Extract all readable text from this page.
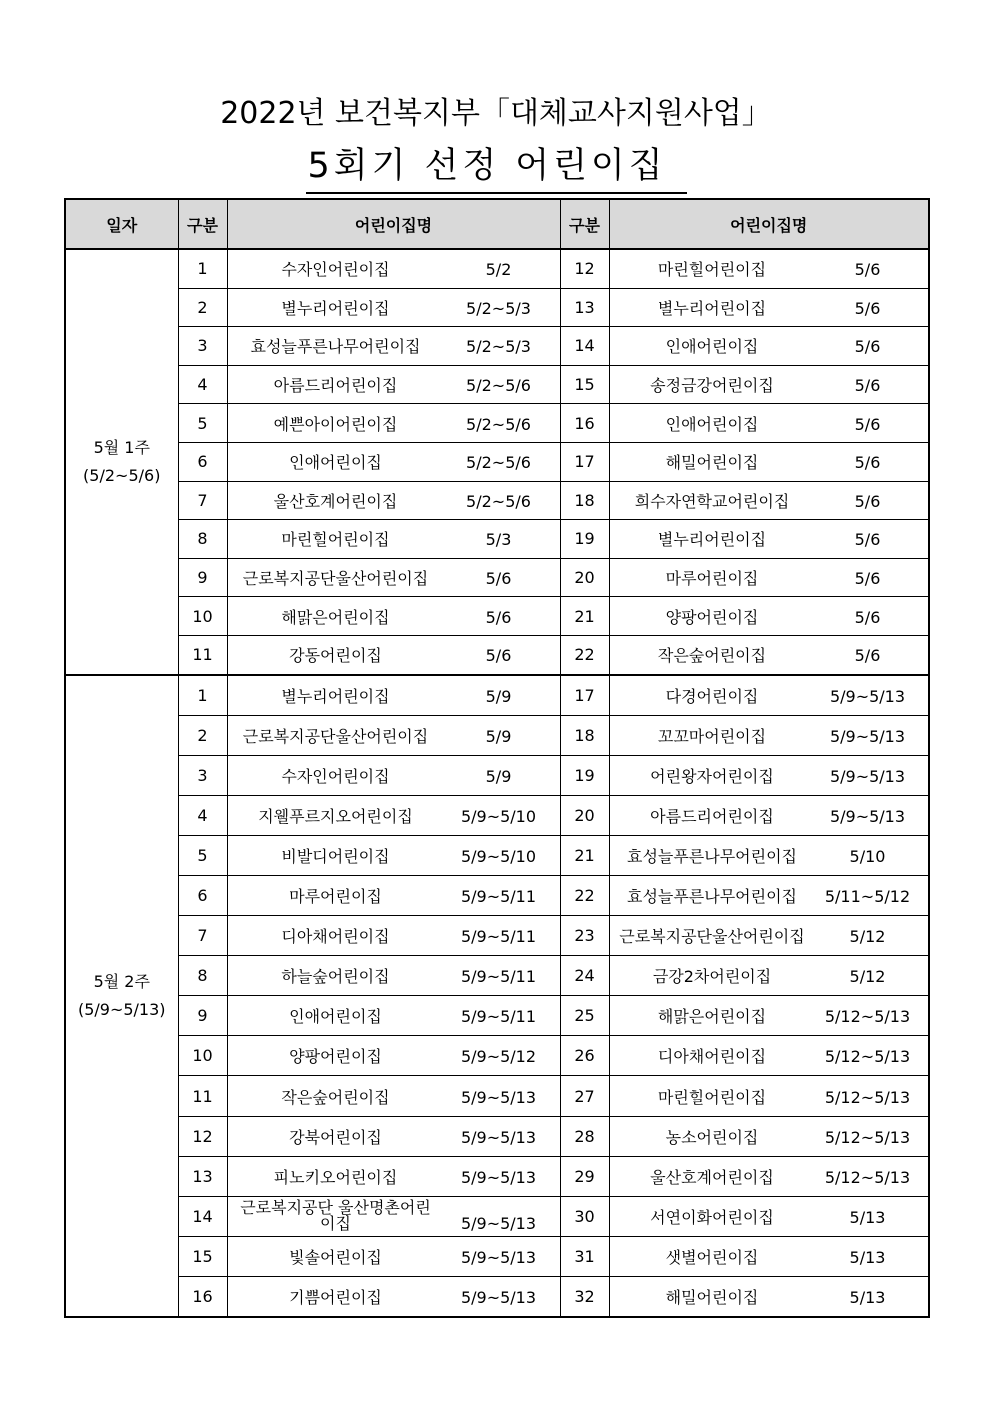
2022년 보건복지부「대체교사지원사업」
5회기 선정 어린이집
일자	구분	어린이집명	구분	어린이집명

5월 1주
(5/2~5/6)	1	수자인어린이집 5/2	12	마린힐어린이집 5/6
	2	별누리어린이집 5/2~5/3	13	별누리어린이집 5/6
	3	효성늘푸른나무어린이집 5/2~5/3	14	인애어린이집 5/6
	4	아름드리어린이집 5/2~5/6	15	송정금강어린이집 5/6
	5	예쁜아이어린이집 5/2~5/6	16	인애어린이집 5/6
	6	인애어린이집 5/2~5/6	17	해밀어린이집 5/6
	7	울산호계어린이집 5/2~5/6	18	희수자연학교어린이집 5/6
	8	마린힐어린이집 5/3	19	별누리어린이집 5/6
	9	근로복지공단울산어린이집 5/6	20	마루어린이집 5/6
	10	해맑은어린이집 5/6	21	양팡어린이집 5/6
	11	강동어린이집 5/6	22	작은숲어린이집 5/6

5월 2주
(5/9~5/13)	1	별누리어린이집 5/9	17	다경어린이집 5/9~5/13
	2	근로복지공단울산어린이집 5/9	18	꼬꼬마어린이집 5/9~5/13
	3	수자인어린이집 5/9	19	어린왕자어린이집 5/9~5/13
	4	지웰푸르지오어린이집 5/9~5/10	20	아름드리어린이집 5/9~5/13
	5	비발디어린이집 5/9~5/10	21	효성늘푸른나무어린이집 5/10
	6	마루어린이집 5/9~5/11	22	효성늘푸른나무어린이집 5/11~5/12
	7	디아채어린이집 5/9~5/11	23	근로복지공단울산어린이집 5/12
	8	하늘숲어린이집 5/9~5/11	24	금강2차어린이집 5/12
	9	인애어린이집 5/9~5/11	25	해맑은어린이집 5/12~5/13
	10	양팡어린이집 5/9~5/12	26	디아채어린이집 5/12~5/13
	11	작은숲어린이집 5/9~5/13	27	마린힐어린이집 5/12~5/13
	12	강북어린이집 5/9~5/13	28	농소어린이집 5/12~5/13
	13	피노키오어린이집 5/9~5/13	29	울산호계어린이집 5/12~5/13
	14	근로복지공단 울산명촌어린이집 5/9~5/13	30	서연이화어린이집 5/13
	15	빛솔어린이집 5/9~5/13	31	샛별어린이집 5/13
	16	기쁨어린이집 5/9~5/13	32	해밀어린이집 5/13
